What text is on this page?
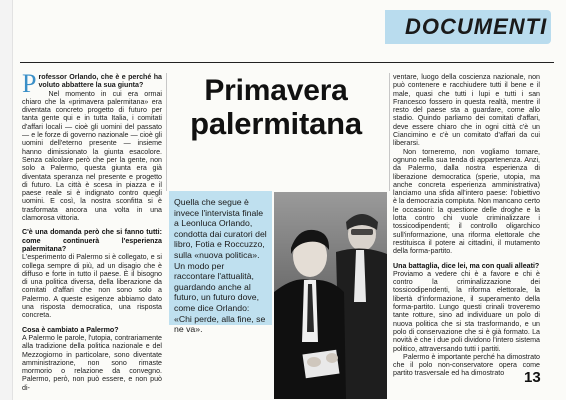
DOCUMENTI

P rofessor Orlando, che è e perché ha voluto abbattere la sua giunta?

Nel momento in cui era ormai chiaro che la «primavera palermitana» era diventata concreto progetto di futuro per tanta gente qui e in tutta Italia, i comitati d'affari locali — cioè gli uomini del passato — e le forze di governo nazionale — cioè gli uomini dell'eterno presente — insieme hanno dimissionato la giunta esacolore. Senza calcolare però che per la gente, non solo a Palermo, questa giunta era già diventata speranza nel presente e progetto di futuro. La città è scesa in piazza e il paese reale si è indignato contro quegli uomini. E così, la nostra sconfitta si è trasformata ancora una volta in una clamorosa vittoria.

C'è una domanda però che si fanno tutti: come continuerà l'esperienza palermitana?

L'esperimento di Palermo si è collegato, e si collega sempre di più, ad un disagio che è diffuso e forte in tutto il paese. È il bisogno di una politica diversa, della liberazione da comitati d'affari che non sono solo a Palermo. A queste esigenze abbiamo dato una risposta democratica, una risposta concreta.

Cosa è cambiato a Palermo?

A Palermo le parole, l'utopia, contrariamente alla tradizione della politica nazionale e del Mezzogiorno in particolare, sono diventate amministrazione, non sono rimaste mormorio o relazione da convegno. Palermo, però, non può essere, e non può di-

Primavera
palermitana
Quella che segue è invece l'intervista finale a Leonluca Orlando, condotta dai curatori del libro, Fotia e Roccuzzo, sulla «nuova politica». Un modo per raccontare l'attualità, guardando anche al futuro, un futuro dove, come dice Orlando: «Chi perde, alla fine, se ne va».

ventare, luogo della coscienza nazionale, non può contenere e racchiudere tutti il bene e il male, quasi che tutti i lupi e tutti i san Francesco fossero in questa realtà, mentre il resto del paese sta a guardare, come allo stadio. Quindo parliamo dei comitati d'affari, deve essere chiaro che in ogni città c'è un Ciancimino e c'è un comitato d'affari da cui liberarsi.

Non torneremo, non vogliamo tornare, ognuno nella sua tenda di appartenenza. Anzi, da Palermo, dalla nostra esperienza di liberazione democratica (sperie, utopia, ma anche concreta esperienza amministrativa) lanciamo una sfida all'intero paese: l'obiettivo è la democrazia compiuta. Non mancano certo le occasioni: la questione delle droghe e la lotta contro chi vuole criminalizzare i tossicodipendenti; il controllo oligarchico sull'informazione, una riforma elettorale che restituisca il potere ai cittadini, il mutamento della forma-partito.

Una battaglia, dice lei, ma con quali alleati?

Proviamo a vedere chi è a favore e chi è contro la criminalizzazione dei tossicodipendenti, la riforma elettorale, la libertà d'informazione, il superamento della forma-partito. Lungo questi crinali troveremo tante rotture, sino ad individuare un polo di nuova politica che si sta trasformando, e un polo di conservazione che si è già formato. La novità è che i due poli dividono l'intero sistema politico, attraversando tutti i partiti.

Palermo è importante perché ha dimostrato che il polo non-conservatore opera come partito trasversale ed ha dimostrato	13
